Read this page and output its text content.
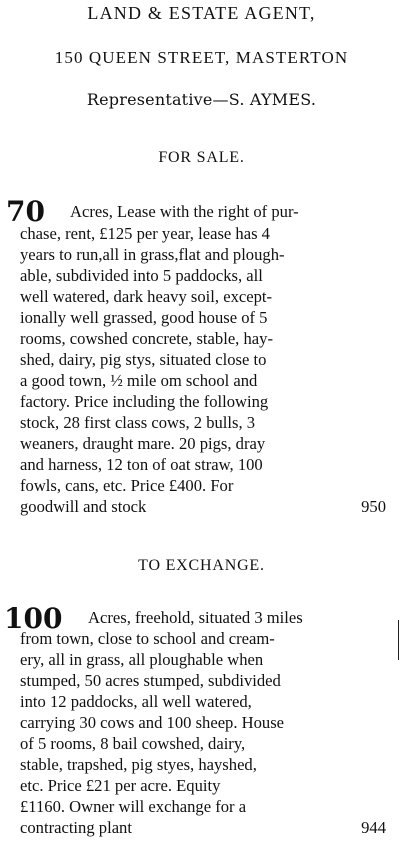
LAND & ESTATE AGENT,
150 QUEEN STREET, MASTERTON
Representative—S. AYMES.
FOR SALE.
70 Acres, Lease with the right of pur-
chase, rent, £125 per year, lease has 4
years to run,all in grass,flat and plough-
able, subdivided into 5 paddocks, all
well watered, dark heavy soil, except-
ionally well grassed, good house of 5
rooms, cowshed concrete, stable, hay-
shed, dairy, pig stys, situated close to
a good town, ½ mile om school and
factory. Price including the following
stock, 28 first class cows, 2 bulls, 3
weaners, draught mare. 20 pigs, dray
and harness, 12 ton of oat straw, 100
fowls, cans, etc. Price £400. For
goodwill and stock	950
TO EXCHANGE.
100 Acres, freehold, situated 3 miles
from town, close to school and cream-
ery, all in grass, all ploughable when
stumped, 50 acres stumped, subdivided
into 12 paddocks, all well watered,
carrying 30 cows and 100 sheep. House
of 5 rooms, 8 bail cowshed, dairy,
stable, trapshed, pig styes, hayshed,
etc. Price £21 per acre. Equity
£1160. Owner will exchange for a
contracting plant	944
